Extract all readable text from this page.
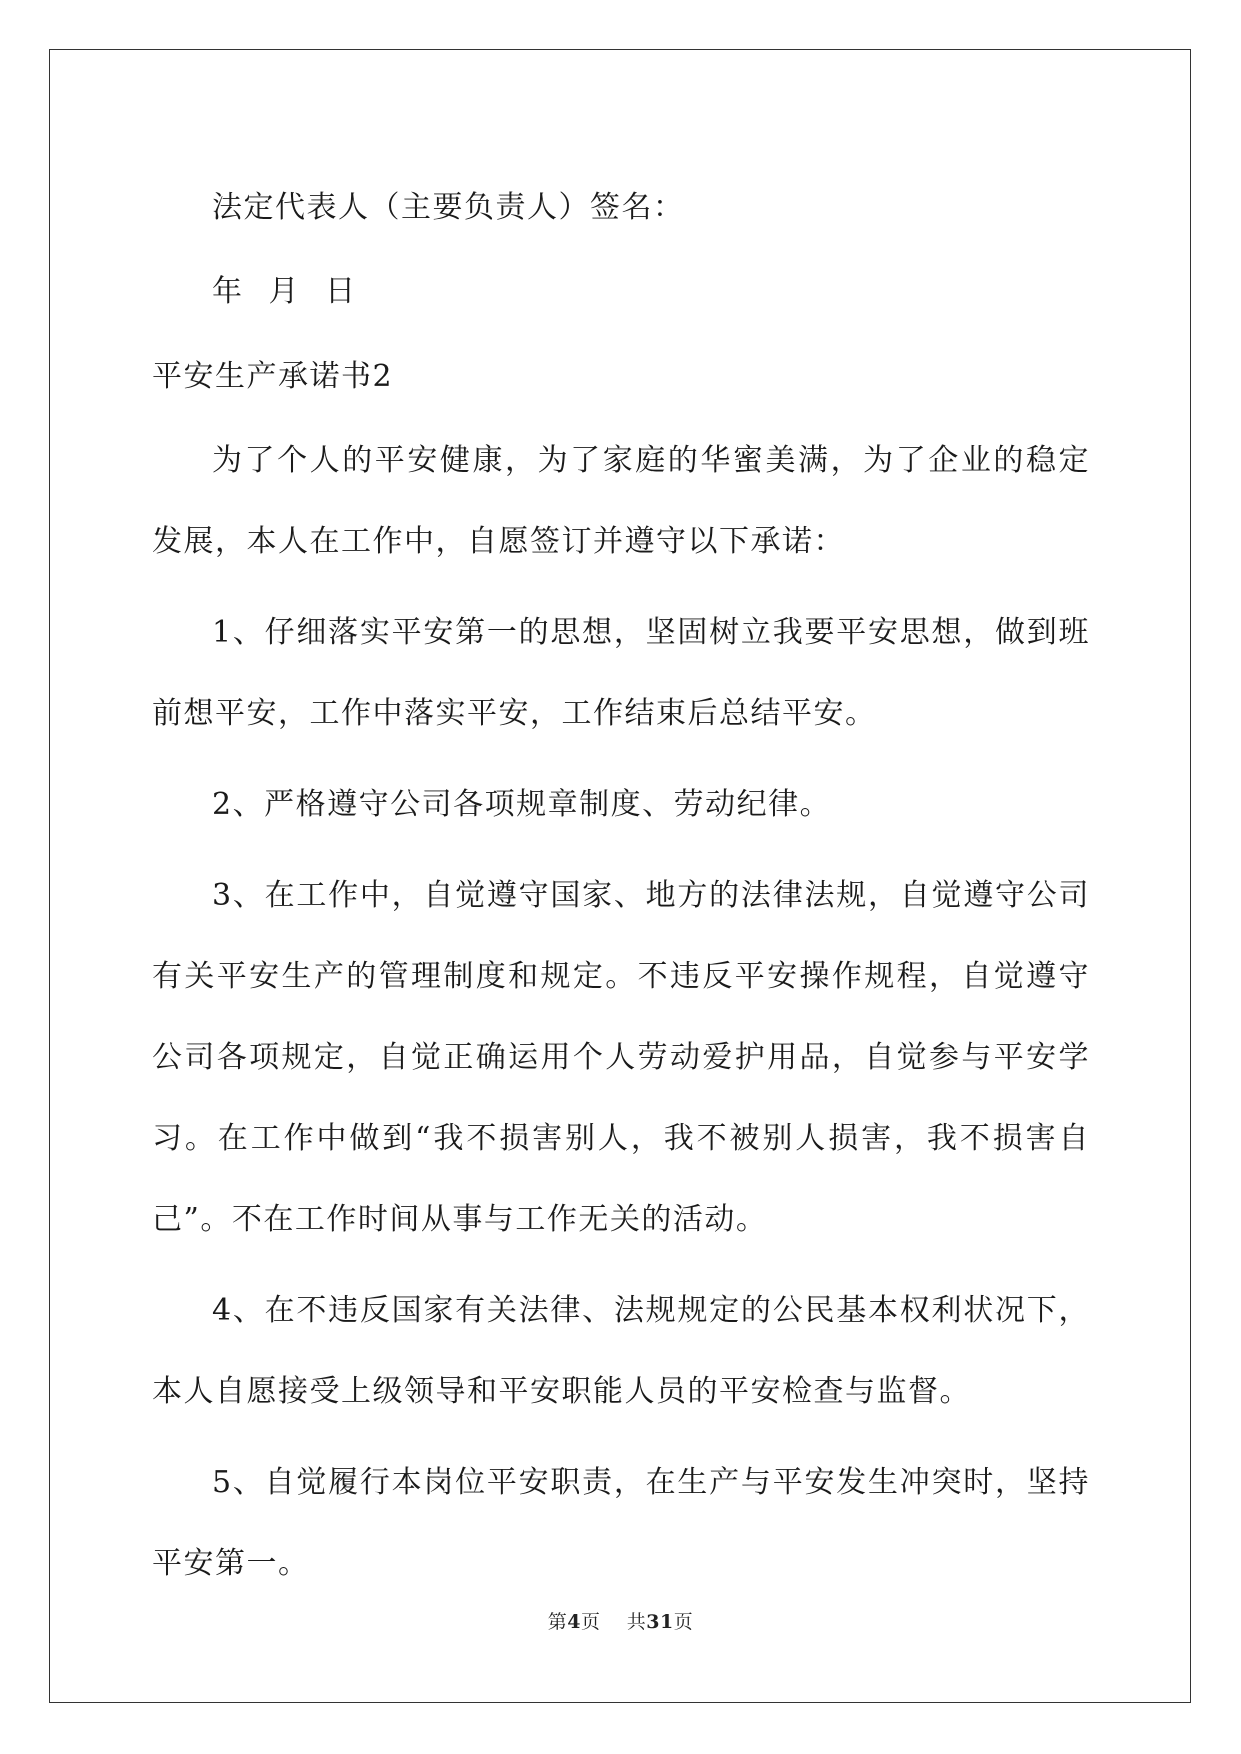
法定代表人（主要负责人）签名：
年 月 日
平安生产承诺书2

为了个人的平安健康，为了家庭的华蜜美满，为了企业的稳定发展，本人在工作中，自愿签订并遵守以下承诺：

1、仔细落实平安第一的思想，坚固树立我要平安思想，做到班前想平安，工作中落实平安，工作结束后总结平安。

2、严格遵守公司各项规章制度、劳动纪律。

3、在工作中，自觉遵守国家、地方的法律法规，自觉遵守公司有关平安生产的管理制度和规定。不违反平安操作规程，自觉遵守公司各项规定，自觉正确运用个人劳动爱护用品，自觉参与平安学习。在工作中做到“我不损害别人，我不被别人损害，我不损害自己”。不在工作时间从事与工作无关的活动。

4、在不违反国家有关法律、法规规定的公民基本权利状况下，本人自愿接受上级领导和平安职能人员的平安检查与监督。

5、自觉履行本岗位平安职责，在生产与平安发生冲突时，坚持平安第一。

第4页 共31页
